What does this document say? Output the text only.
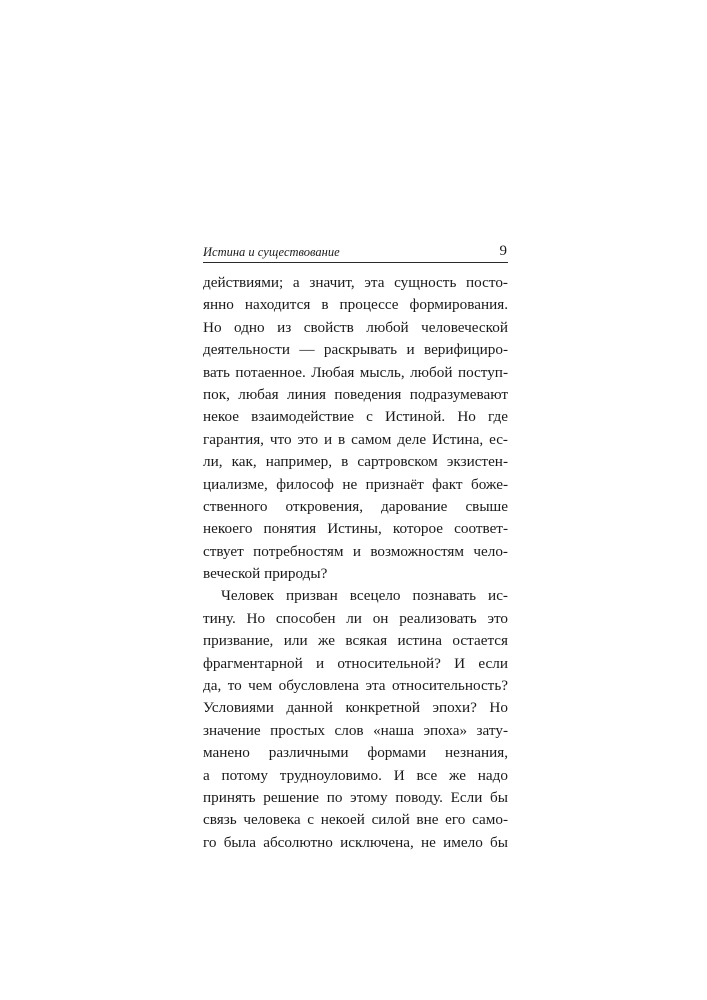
Истина и существование	9
действиями; а значит, эта сущность посто-
янно находится в процессе формирования.
Но одно из свойств любой человеческой
деятельности — раскрывать и верифициро-
вать потаенное. Любая мысль, любой поступ-
пок, любая линия поведения подразумевают
некое взаимодействие с Истиной. Но где
гарантия, что это и в самом деле Истина, ес-
ли, как, например, в сартровском экзистен-
циализме, философ не признаёт факт боже-
ственного откровения, дарование свыше
некоего понятия Истины, которое соответ-
ствует потребностям и возможностям чело-
веческой природы?
Человек призван всецело познавать ис-
тину. Но способен ли он реализовать это
призвание, или же всякая истина остается
фрагментарной и относительной? И если
да, то чем обусловлена эта относительность?
Условиями данной конкретной эпохи? Но
значение простых слов «наша эпоха» зату-
манено различными формами незнания,
а потому трудноуловимо. И все же надо
принять решение по этому поводу. Если бы
связь человека с некоей силой вне его само-
го была абсолютно исключена, не имело бы
